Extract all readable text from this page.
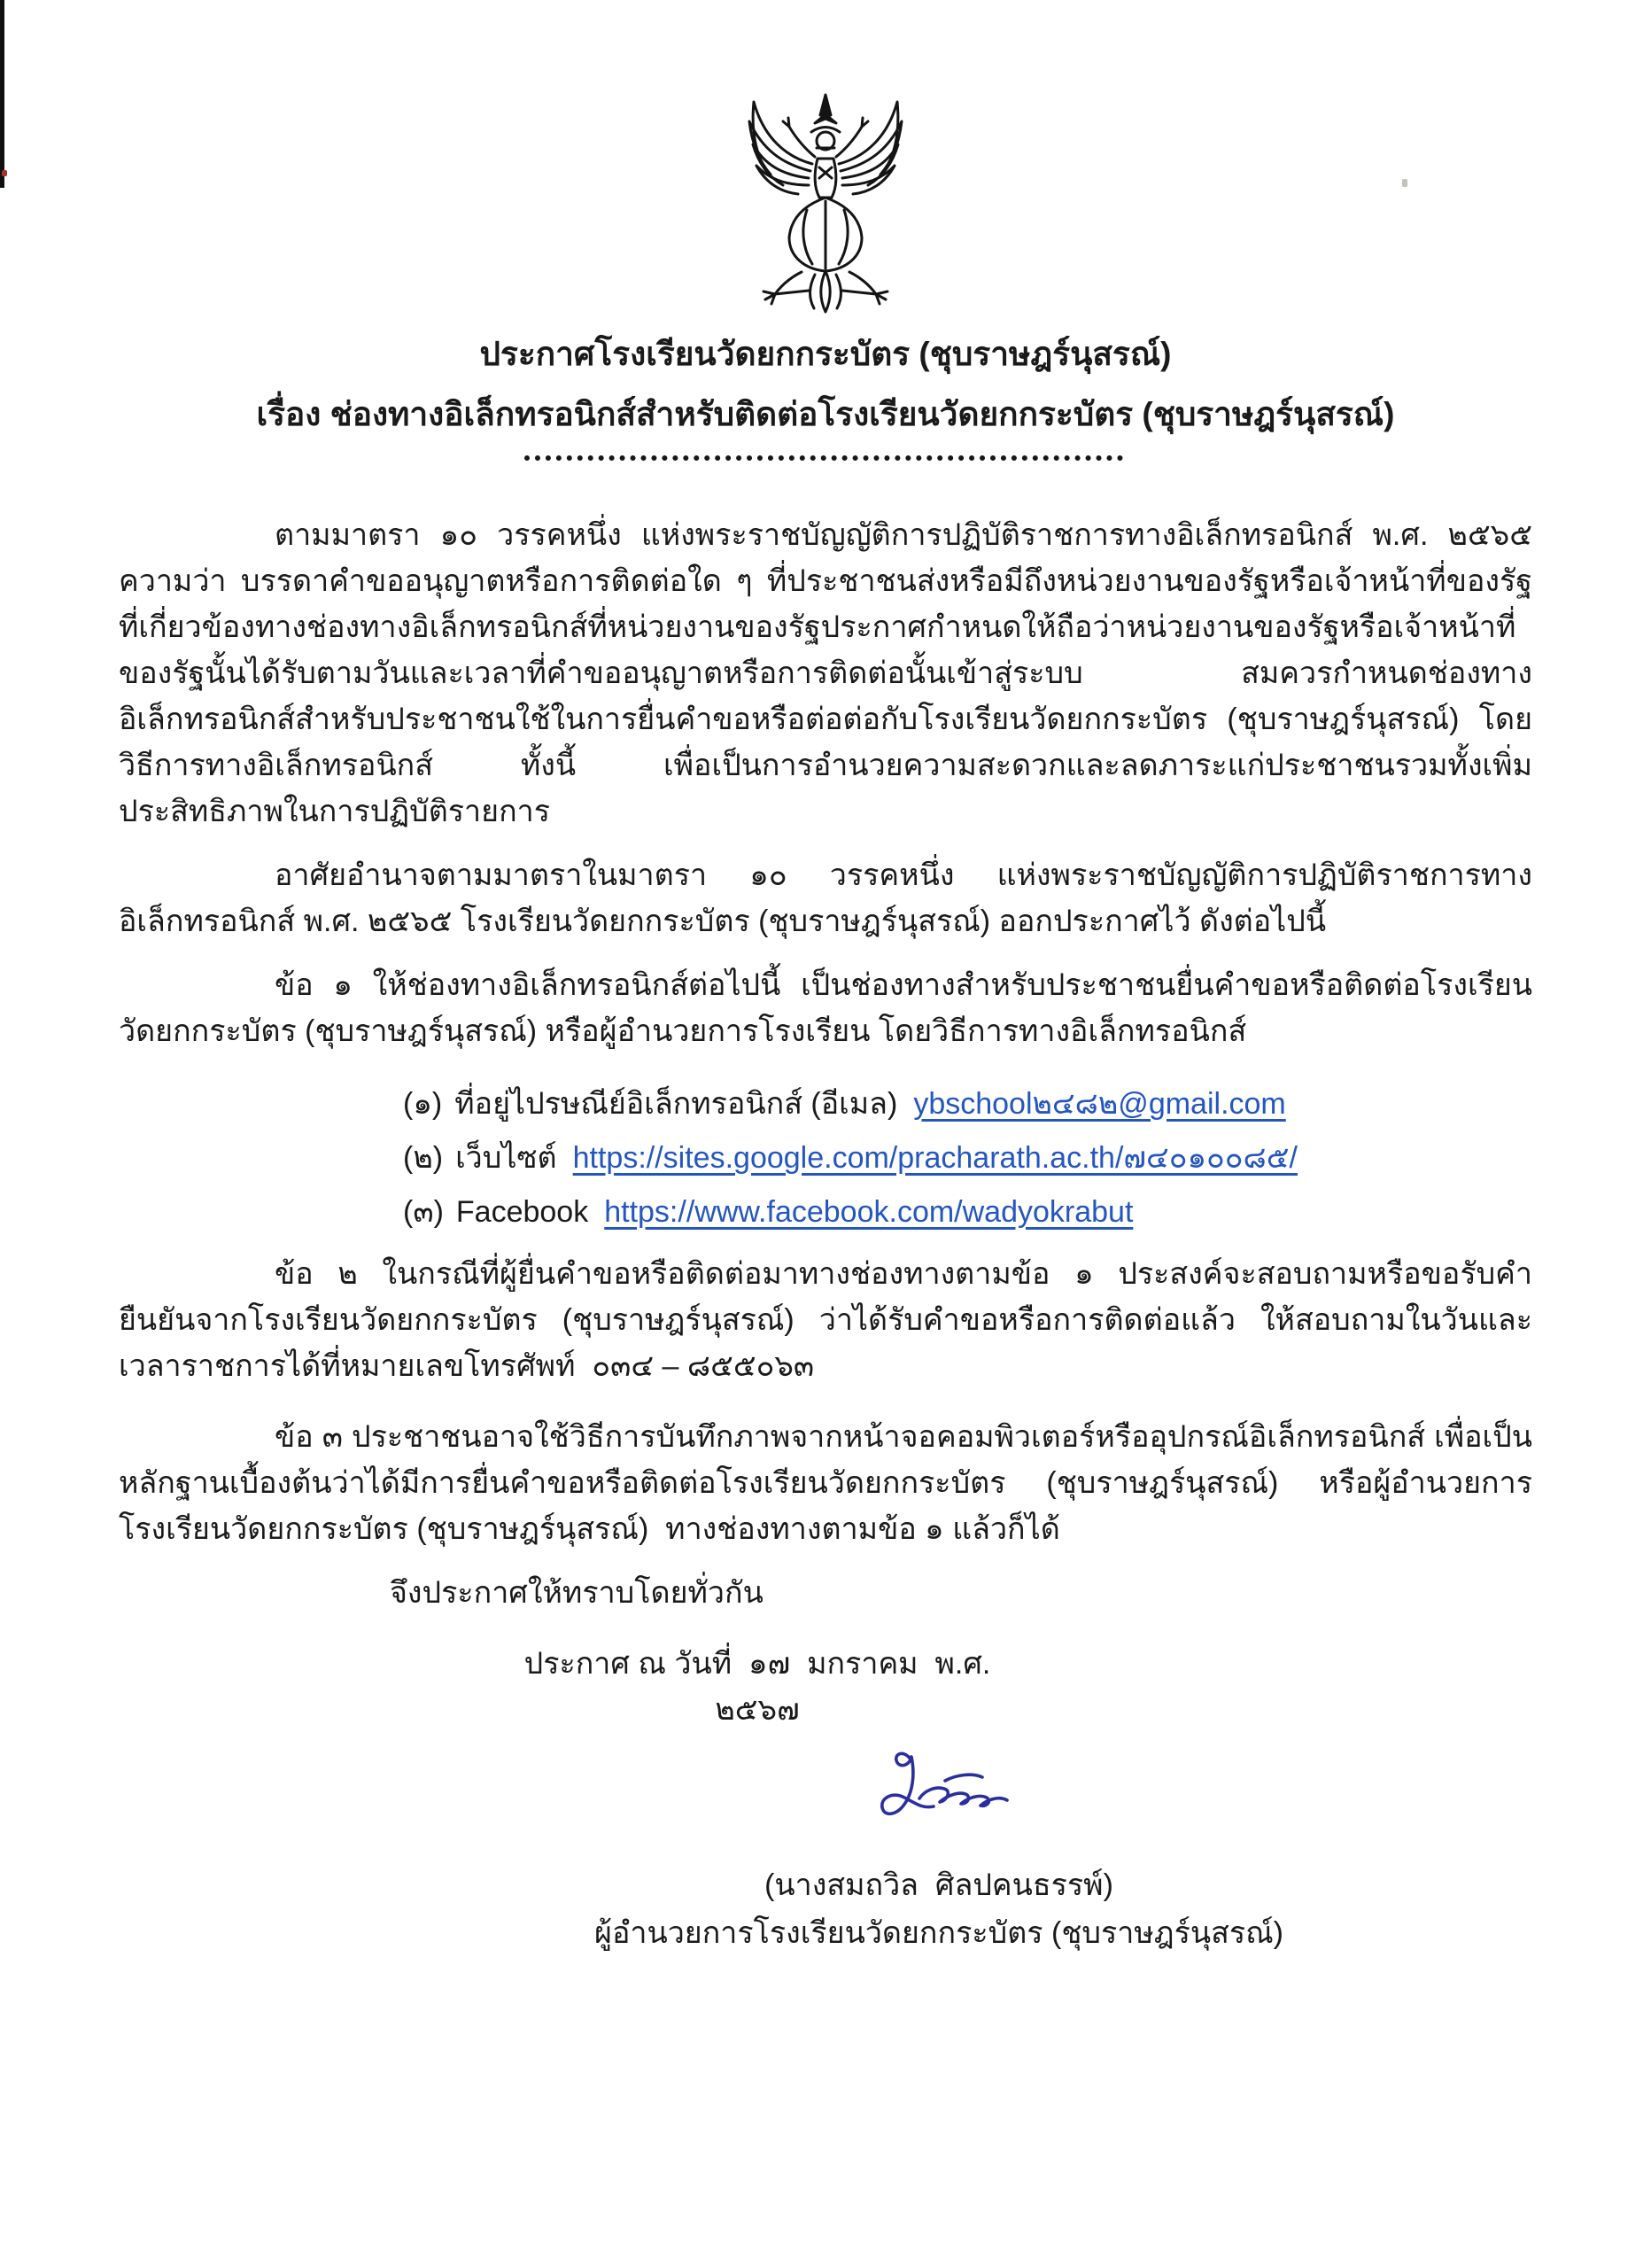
ประกาศโรงเรียนวัดยกกระบัตร (ชุบราษฎร์นุสรณ์)
เรื่อง ช่องทางอิเล็กทรอนิกส์สำหรับติดต่อโรงเรียนวัดยกกระบัตร (ชุบราษฎร์นุสรณ์)
ตามมาตรา ๑๐ วรรคหนึ่ง แห่งพระราชบัญญัติการปฏิบัติราชการทางอิเล็กทรอนิกส์ พ.ศ. ๒๕๖๕ ความว่า บรรดาคำขออนุญาตหรือการติดต่อใด ๆ ที่ประชาชนส่งหรือมีถึงหน่วยงานของรัฐหรือเจ้าหน้าที่ของรัฐที่เกี่ยวข้องทางช่องทางอิเล็กทรอนิกส์ที่หน่วยงานของรัฐประกาศกำหนดให้ถือว่าหน่วยงานของรัฐหรือเจ้าหน้าที่ของรัฐนั้นได้รับตามวันและเวลาที่คำขออนุญาตหรือการติดต่อนั้นเข้าสู่ระบบ สมควรกำหนดช่องทางอิเล็กทรอนิกส์สำหรับประชาชนใช้ในการยื่นคำขอหรือต่อต่อกับโรงเรียนวัดยกกระบัตร (ชุบราษฎร์นุสรณ์) โดยวิธีการทางอิเล็กทรอนิกส์ ทั้งนี้ เพื่อเป็นการอำนวยความสะดวกและลดภาระแก่ประชาชนรวมทั้งเพิ่มประสิทธิภาพในการปฏิบัติรายการ
อาศัยอำนาจตามมาตราในมาตรา ๑๐ วรรคหนึ่ง แห่งพระราชบัญญัติการปฏิบัติราชการทางอิเล็กทรอนิกส์ พ.ศ. ๒๕๖๕ โรงเรียนวัดยกกระบัตร (ชุบราษฎร์นุสรณ์) ออกประกาศไว้ ดังต่อไปนี้
ข้อ ๑ ให้ช่องทางอิเล็กทรอนิกส์ต่อไปนี้ เป็นช่องทางสำหรับประชาชนยื่นคำขอหรือติดต่อโรงเรียนวัดยกกระบัตร (ชุบราษฎร์นุสรณ์) หรือผู้อำนวยการโรงเรียน โดยวิธีการทางอิเล็กทรอนิกส์
(๑) ที่อยู่ไปรษณีย์อิเล็กทรอนิกส์ (อีเมล) ybschool๒๔๘๒@gmail.com
(๒) เว็บไซต์ https://sites.google.com/pracharath.ac.th/๗๔๐๑๐๐๘๕/
(๓) Facebook https://www.facebook.com/wadyokrabut
ข้อ ๒ ในกรณีที่ผู้ยื่นคำขอหรือติดต่อมาทางช่องทางตามข้อ ๑ ประสงค์จะสอบถามหรือขอรับคำยืนยันจากโรงเรียนวัดยกกระบัตร (ชุบราษฎร์นุสรณ์) ว่าได้รับคำขอหรือการติดต่อแล้ว ให้สอบถามในวันและเวลาราชการได้ที่หมายเลขโทรศัพท์  ๐๓๔ – ๘๕๕๐๖๓
ข้อ ๓ ประชาชนอาจใช้วิธีการบันทึกภาพจากหน้าจอคอมพิวเตอร์หรืออุปกรณ์อิเล็กทรอนิกส์ เพื่อเป็นหลักฐานเบื้องต้นว่าได้มีการยื่นคำขอหรือติดต่อโรงเรียนวัดยกกระบัตร (ชุบราษฎร์นุสรณ์) หรือผู้อำนวยการโรงเรียนวัดยกกระบัตร (ชุบราษฎร์นุสรณ์)  ทางช่องทางตามข้อ ๑ แล้วก็ได้
จึงประกาศให้ทราบโดยทั่วกัน
ประกาศ ณ วันที่  ๑๗  มกราคม  พ.ศ. ๒๕๖๗
(นางสมถวิล  ศิลปคนธรรพ์)
ผู้อำนวยการโรงเรียนวัดยกกระบัตร (ชุบราษฎร์นุสรณ์)
